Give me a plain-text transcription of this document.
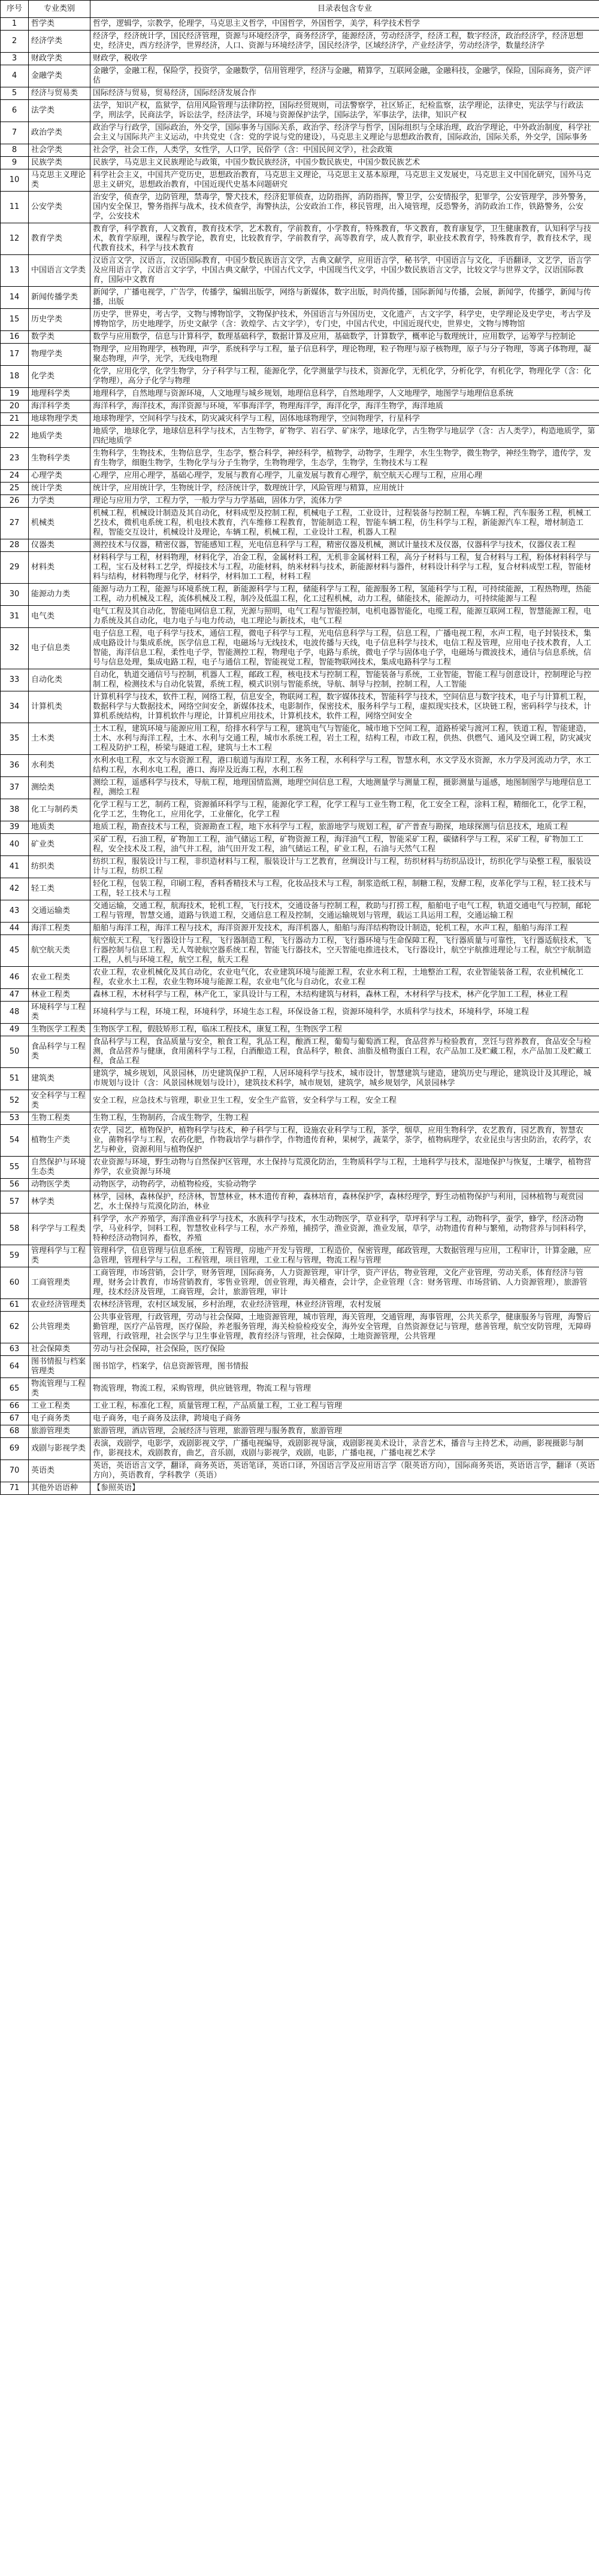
序号	专业类别	目录表包含专业
1	哲学类	哲学，逻辑学，宗教学，伦理学，马克思主义哲学，中国哲学，外国哲学，美学，科学技术哲学
2	经济学类	经济学，经济统计学，国民经济管理，资源与环境经济学，商务经济学，能源经济，劳动经济学，经济工程，数字经济，政治经济学，经济思想史，经济史，西方经济学，世界经济，人口、资源与环境经济学，国民经济学，区域经济学，产业经济学，劳动经济学，数量经济学
3	财政学类	财政学，税收学
4	金融学类	金融学，金融工程，保险学，投资学，金融数学，信用管理学，经济与金融，精算学，互联网金融，金融科技，金融学，保险，国际商务，资产评估
5	经济与贸易类	国际经济与贸易，贸易经济，国际经济发展合作
6	法学类	法学，知识产权，监狱学，信用风险管理与法律防控，国际经贸规则，司法警察学，社区矫正，纪检监察，法学理论，法律史，宪法学与行政法学，刑法学，民商法学，诉讼法学，经济法学，环境与资源保护法学，国际法学，军事法学，法律，知识产权
7	政治学类	政治学与行政学，国际政治，外交学，国际事务与国际关系，政治学、经济学与哲学，国际组织与全球治理，政治学理论，中外政治制度，科学社会主义与国际共产主义运动，中共党史（含：党的学说与党的建设），马克思主义理论与思想政治教育，国际政治，国际关系，外交学，国际事务
8	社会学类	社会学，社会工作，人类学，女性学，人口学，民俗学（含：中国民间文学），社会政策
9	民族学类	民族学，马克思主义民族理论与政策，中国少数民族经济，中国少数民族史，中国少数民族艺术
10	马克思主义理论类	科学社会主义，中国共产党历史，思想政治教育，马克思主义理论，马克思主义基本原理，马克思主义发展史，马克思主义中国化研究，国外马克思主义研究，思想政治教育，中国近现代史基本问题研究
11	公安学类	治安学，侦查学，边防管理，禁毒学，警犬技术，经济犯罪侦查，边防指挥，消防指挥，警卫学，公安情报学，犯罪学，公安管理学，涉外警务，国内安全保卫，警务指挥与战术，技术侦查学，海警执法，公安政治工作，移民管理，出入境管理，反恐警务，消防政治工作，铁路警务，公安学，公安技术
12	教育学类	教育学，科学教育，人文教育，教育技术学，艺术教育，学前教育，小学教育，特殊教育，华文教育，教育康复学，卫生健康教育，认知科学与技术，教育学原理，课程与教学论，教育史，比较教育学，学前教育学，高等教育学，成人教育学，职业技术教育学，特殊教育学，教育技术学，现代教育技术，科学与技术教育
13	中国语言文学类	汉语言文学，汉语言，汉语国际教育，中国少数民族语言文学，古典文献学，应用语言学，秘书学，中国语言与文化，手语翻译，文艺学，语言学及应用语言学，汉语言文字学，中国古典文献学，中国古代文学，中国现当代文学，中国少数民族语言文学，比较文学与世界文学，汉语国际教育，国际中文教育
14	新闻传播学类	新闻学，广播电视学，广告学，传播学，编辑出版学，网络与新媒体，数字出版，时尚传播，国际新闻与传播，会展，新闻学，传播学，新闻与传播，出版
15	历史学类	历史学，世界史，考古学，文物与博物馆学，文物保护技术，外国语言与外国历史，文化遗产，古文字学，科学史，史学理论及史学史，考古学及博物馆学，历史地理学，历史文献学（含：敦煌学、古文字学），专门史，中国古代史，中国近现代史，世界史，文物与博物馆
16	数学类	数学与应用数学，信息与计算科学，数理基础科学，数据计算及应用，基础数学，计算数学，概率论与数理统计，应用数学，运筹学与控制论
17	物理学类	物理学，应用物理学，核物理，声学，系统科学与工程，量子信息科学，理论物理，粒子物理与原子核物理，原子与分子物理，等离子体物理，凝聚态物理，声学，光学，无线电物理
18	化学类	化学，应用化学，化学生物学，分子科学与工程，能源化学，化学测量学与技术，资源化学，无机化学，分析化学，有机化学，物理化学（含：化学物理），高分子化学与物理
19	地理科学类	地理科学，自然地理与资源环境，人文地理与城乡规划，地理信息科学，自然地理学，人文地理学，地图学与地理信息系统
20	海洋科学类	海洋科学，海洋技术，海洋资源与环境，军事海洋学，物理海洋学，海洋化学，海洋生物学，海洋地质
21	地球物理学类	地球物理学，空间科学与技术，防灾减灾科学与工程，固体地球物理学，空间物理学，行星科学
22	地质学类	地质学，地球化学，地球信息科学与技术，古生物学，矿物学、岩石学、矿床学，地球化学，古生物学与地层学（含：古人类学），构造地质学，第四纪地质学
23	生物科学类	生物科学，生物技术，生物信息学，生态学，整合科学，神经科学，植物学，动物学，生理学，水生生物学，微生物学，神经生物学，遗传学，发育生物学，细胞生物学，生物化学与分子生物学，生物物理学，生态学，生物学，生物技术与工程
24	心理学类	心理学，应用心理学，基础心理学，发展与教育心理学，儿童发展与教育心理学，航空航天心理与工程，应用心理
25	统计学类	统计学，应用统计学，生物统计学，经济统计学，数理统计学，风险管理与精算，应用统计
26	力学类	理论与应用力学，工程力学，一般力学与力学基础，固体力学，流体力学
27	机械类	机械工程，机械设计制造及其自动化，材料成型及控制工程，机械电子工程，工业设计，过程装备与控制工程，车辆工程，汽车服务工程，机械工艺技术，微机电系统工程，机电技术教育，汽车维修工程教育，智能制造工程，智能车辆工程，仿生科学与工程，新能源汽车工程，增材制造工程，智能交互设计，机械设计及理论，车辆工程，机械工程，工业设计工程，机器人工程
28	仪器类	测控技术与仪器，精密仪器，智能感知工程，光电信息科学与工程，精密仪器及机械，测试计量技术及仪器，仪器科学与技术，仪器仪表工程
29	材料类	材料科学与工程，材料物理，材料化学，冶金工程，金属材料工程，无机非金属材料工程，高分子材料与工程，复合材料与工程，粉体材料科学与工程，宝石及材料工艺学，焊接技术与工程，功能材料，纳米材料与技术，新能源材料与器件，材料设计科学与工程，复合材料成型工程，智能材料与结构，材料物理与化学，材料学，材料加工工程，材料工程
30	能源动力类	能源与动力工程，能源与环境系统工程，新能源科学与工程，储能科学与工程，能源服务工程，氢能科学与工程，可持续能源，工程热物理，热能工程，动力机械及工程，流体机械及工程，制冷及低温工程，化工过程机械，动力工程，储能技术，能源动力，可持续能源与工程
31	电气类	电气工程及其自动化，智能电网信息工程，光源与照明，电气工程与智能控制，电机电器智能化，电缆工程，能源互联网工程，智慧能源工程，电力系统及其自动化，电力电子与电力传动，电工理论与新技术，电气工程
32	电子信息类	电子信息工程，电子科学与技术，通信工程，微电子科学与工程，光电信息科学与工程，信息工程，广播电视工程，水声工程，电子封装技术，集成电路设计与集成系统，医学信息工程，电磁场与无线技术，电波传播与天线，电子信息科学与技术，电信工程及管理，应用电子技术教育，人工智能，海洋信息工程，柔性电子学，智能测控工程，物理电子学，电路与系统，微电子学与固体电子学，电磁场与微波技术，通信与信息系统，信号与信息处理，集成电路工程，电子与通信工程，智能视觉工程，智能物联网技术，集成电路科学与工程
33	自动化类	自动化，轨道交通信号与控制，机器人工程，邮政工程，核电技术与控制工程，智能装备与系统，工业智能，智能工程与创意设计，控制理论与控制工程，检测技术与自动化装置，系统工程，模式识别与智能系统，导航、制导与控制，控制工程，人工智能
34	计算机类	计算机科学与技术，软件工程，网络工程，信息安全，物联网工程，数字媒体技术，智能科学与技术，空间信息与数字技术，电子与计算机工程，数据科学与大数据技术，网络空间安全，新媒体技术，电影制作，保密技术，服务科学与工程，虚拟现实技术，区块链工程，密码科学与技术，计算机系统结构，计算机软件与理论，计算机应用技术，计算机技术，软件工程，网络空间安全
35	土木类	土木工程，建筑环境与能源应用工程，给排水科学与工程，建筑电气与智能化，城市地下空间工程，道路桥梁与渡河工程，铁道工程，智能建造，土木、水利与海洋工程，土木、水利与交通工程，城市水系统工程，岩土工程，结构工程，市政工程，供热、供燃气、通风及空调工程，防灾减灾工程及防护工程，桥梁与隧道工程，建筑与土木工程
36	水利类	水利水电工程，水文与水资源工程，港口航道与海岸工程，水务工程，水利科学与工程，智慧水利，水文学及水资源，水力学及河流动力学，水工结构工程，水利水电工程，港口、海岸及近海工程，水利工程
37	测绘类	测绘工程，遥感科学与技术，导航工程，地理国情监测，地理空间信息工程，大地测量学与测量工程，摄影测量与遥感，地图制图学与地理信息工程，测绘工程
38	化工与制药类	化学工程与工艺，制药工程，资源循环科学与工程，能源化学工程，化学工程与工业生物工程，化工安全工程，涂料工程，精细化工，化学工程，化学工艺，生物化工，应用化学，工业催化，化学工程
39	地质类	地质工程，勘查技术与工程，资源勘查工程，地下水科学与工程，旅游地学与规划工程，矿产普查与勘探，地球探测与信息技术，地质工程
40	矿业类	采矿工程，石油工程，矿物加工工程，油气储运工程，矿物资源工程，海洋油气工程，智能采矿工程，碳储科学与工程，采矿工程，矿物加工工程，安全技术及工程，油气井工程，油气田开发工程，油气储运工程，矿业工程，石油与天然气工程
41	纺织类	纺织工程，服装设计与工程，非织造材料与工程，服装设计与工艺教育，丝绸设计与工程，纺织材料与纺织品设计，纺织化学与染整工程，服装设计与工程，纺织工程
42	轻工类	轻化工程，包装工程，印刷工程，香料香精技术与工程，化妆品技术与工程，制浆造纸工程，制糖工程，发酵工程，皮革化学与工程，轻工技术与工程，轻工技术与工程
43	交通运输类	交通运输，交通工程，航海技术，轮机工程，飞行技术，交通设备与控制工程，救助与打捞工程，船舶电子电气工程，轨道交通电气与控制，邮轮工程与管理，智慧交通，道路与铁道工程，交通信息工程及控制，交通运输规划与管理，载运工具运用工程，交通运输工程
44	海洋工程类	船舶与海洋工程，海洋工程与技术，海洋资源开发技术，海洋机器人，船舶与海洋结构物设计制造，轮机工程，水声工程，船舶与海洋工程
45	航空航天类	航空航天工程，飞行器设计与工程，飞行器制造工程，飞行器动力工程，飞行器环境与生命保障工程，飞行器质量与可靠性，飞行器适航技术，飞行器控制与信息工程，无人驾驶航空器系统工程，智能飞行器技术，空天智能电推进技术，飞行器设计，航空宇航推进理论与工程，航空宇航制造工程，人机与环境工程，航空工程，航天工程
46	农业工程类	农业工程，农业机械化及其自动化，农业电气化，农业建筑环境与能源工程，农业水利工程，土地整治工程，农业智能装备工程，农业机械化工程，农业水土工程，农业生物环境与能源工程，农业电气化与自动化，农业工程
47	林业工程类	森林工程，木材科学与工程，林产化工，家具设计与工程，木结构建筑与材料，森林工程，木材科学与技术，林产化学加工工程，林业工程
48	环境科学与工程类	环境科学与工程，环境工程，环境科学，环境生态工程，环保设备工程，资源环境科学，水质科学与技术，环境科学，环境工程
49	生物医学工程类	生物医学工程，假肢矫形工程，临床工程技术，康复工程，生物医学工程
50	食品科学与工程类	食品科学与工程，食品质量与安全，粮食工程，乳品工程，酿酒工程，葡萄与葡萄酒工程，食品营养与检验教育，烹饪与营养教育，食品安全与检测，食品营养与健康，食用菌科学与工程，白酒酿造工程，食品科学，粮食、油脂及植物蛋白工程，农产品加工及贮藏工程，水产品加工及贮藏工程，食品工程
51	建筑类	建筑学，城乡规划，风景园林，历史建筑保护工程，人居环境科学与技术，城市设计，智慧建筑与建造，建筑历史与理论，建筑设计及其理论，城市规划与设计（含：风景园林规划与设计），建筑技术科学，城市规划，建筑学，城乡规划学，风景园林学
52	安全科学与工程类	安全工程，应急技术与管理，职业卫生工程，安全生产监管，安全科学与工程，安全工程
53	生物工程类	生物工程，生物制药，合成生物学，生物工程
54	植物生产类	农学，园艺，植物保护，植物科学与技术，种子科学与工程，设施农业科学与工程，茶学，烟草，应用生物科学，农艺教育，园艺教育，智慧农业，菌物科学与工程，农药化肥，作物栽培学与耕作学，作物遗传育种，果树学，蔬菜学，茶学，植物病理学，农业昆虫与害虫防治，农药学，农艺与种业，资源利用与植物保护
55	自然保护与环境生态类	农业资源与环境，野生动物与自然保护区管理，水土保持与荒漠化防治，生物质科学与工程，土地科学与技术，湿地保护与恢复，土壤学，植物营养学，农业资源与环境
56	动物医学类	动物医学，动物药学，动植物检疫，实验动物学
57	林学类	林学，园林，森林保护，经济林，智慧林业，林木遗传育种，森林培育，森林保护学，森林经理学，野生动植物保护与利用，园林植物与观赏园艺，水土保持与荒漠化防治，林业
58	科学学与工程类	科学学，水产养殖学，海洋渔业科学与技术，水族科学与技术，水生动物医学，草业科学，草坪科学与工程，动物科学，蚕学，蜂学，经济动物学，马业科学，饲料工程，智慧牧业科学与工程，水产养殖，捕捞学，渔业资源，渔业发展，草学，动物遗传育种与繁殖，动物营养与饲料科学，特种经济动物饲养，畜牧，养殖
59	管理科学与工程类	管理科学，信息管理与信息系统，工程管理，房地产开发与管理，工程造价，保密管理，邮政管理，大数据管理与应用，工程审计，计算金融，应急管理，管理科学与工程，工程管理，项目管理，工业工程与管理，物流工程与管理
60	工商管理类	工商管理，市场营销，会计学，财务管理，国际商务，人力资源管理，审计学，资产评估，物业管理，文化产业管理，劳动关系，体育经济与管理，财务会计教育，市场营销教育，零售业管理，创业管理，海关稽查，会计学，企业管理（含：财务管理、市场营销、人力资源管理），旅游管理，技术经济及管理，工商管理，会计，旅游管理，审计
61	农业经济管理类	农林经济管理，农村区域发展，乡村治理，农业经济管理，林业经济管理，农村发展
62	公共管理类	公共事业管理，行政管理，劳动与社会保障，土地资源管理，城市管理，海关管理，交通管理，海事管理，公共关系学，健康服务与管理，海警后勤管理，医疗产品管理，医疗保险，养老服务管理，海关检验检疫安全，海外安全管理，自然资源登记与管理，慈善管理，航空安防管理，无障碍管理，行政管理，社会医学与卫生事业管理，教育经济与管理，社会保障，土地资源管理，公共管理
63	社会保障类	劳动与社会保障，社会保险，医疗保险
64	图书情报与档案管理类	图书馆学，档案学，信息资源管理，图书情报
65	物流管理与工程类	物流管理，物流工程，采购管理，供应链管理，物流工程与管理
66	工业工程类	工业工程，标准化工程，质量管理工程，产品质量工程，工业工程与管理
67	电子商务类	电子商务，电子商务及法律，跨境电子商务
68	旅游管理类	旅游管理，酒店管理，会展经济与管理，旅游管理与服务教育，旅游管理
69	戏剧与影视学类	表演，戏剧学，电影学，戏剧影视文学，广播电视编导，戏剧影视导演，戏剧影视美术设计，录音艺术，播音与主持艺术，动画，影视摄影与制作，影视技术，戏剧教育，曲艺，音乐剧，戏剧与影视学，戏剧，电影，广播电视，广播电视艺术学
70	英语类	英语，英语语言文学，翻译，商务英语，英语笔译，英语口译，外国语言学及应用语言学（限英语方向），国际商务英语，英语语言学，翻译（英语方向），英语教育，学科教学（英语）
71	其他外语语种	【参照英语】
